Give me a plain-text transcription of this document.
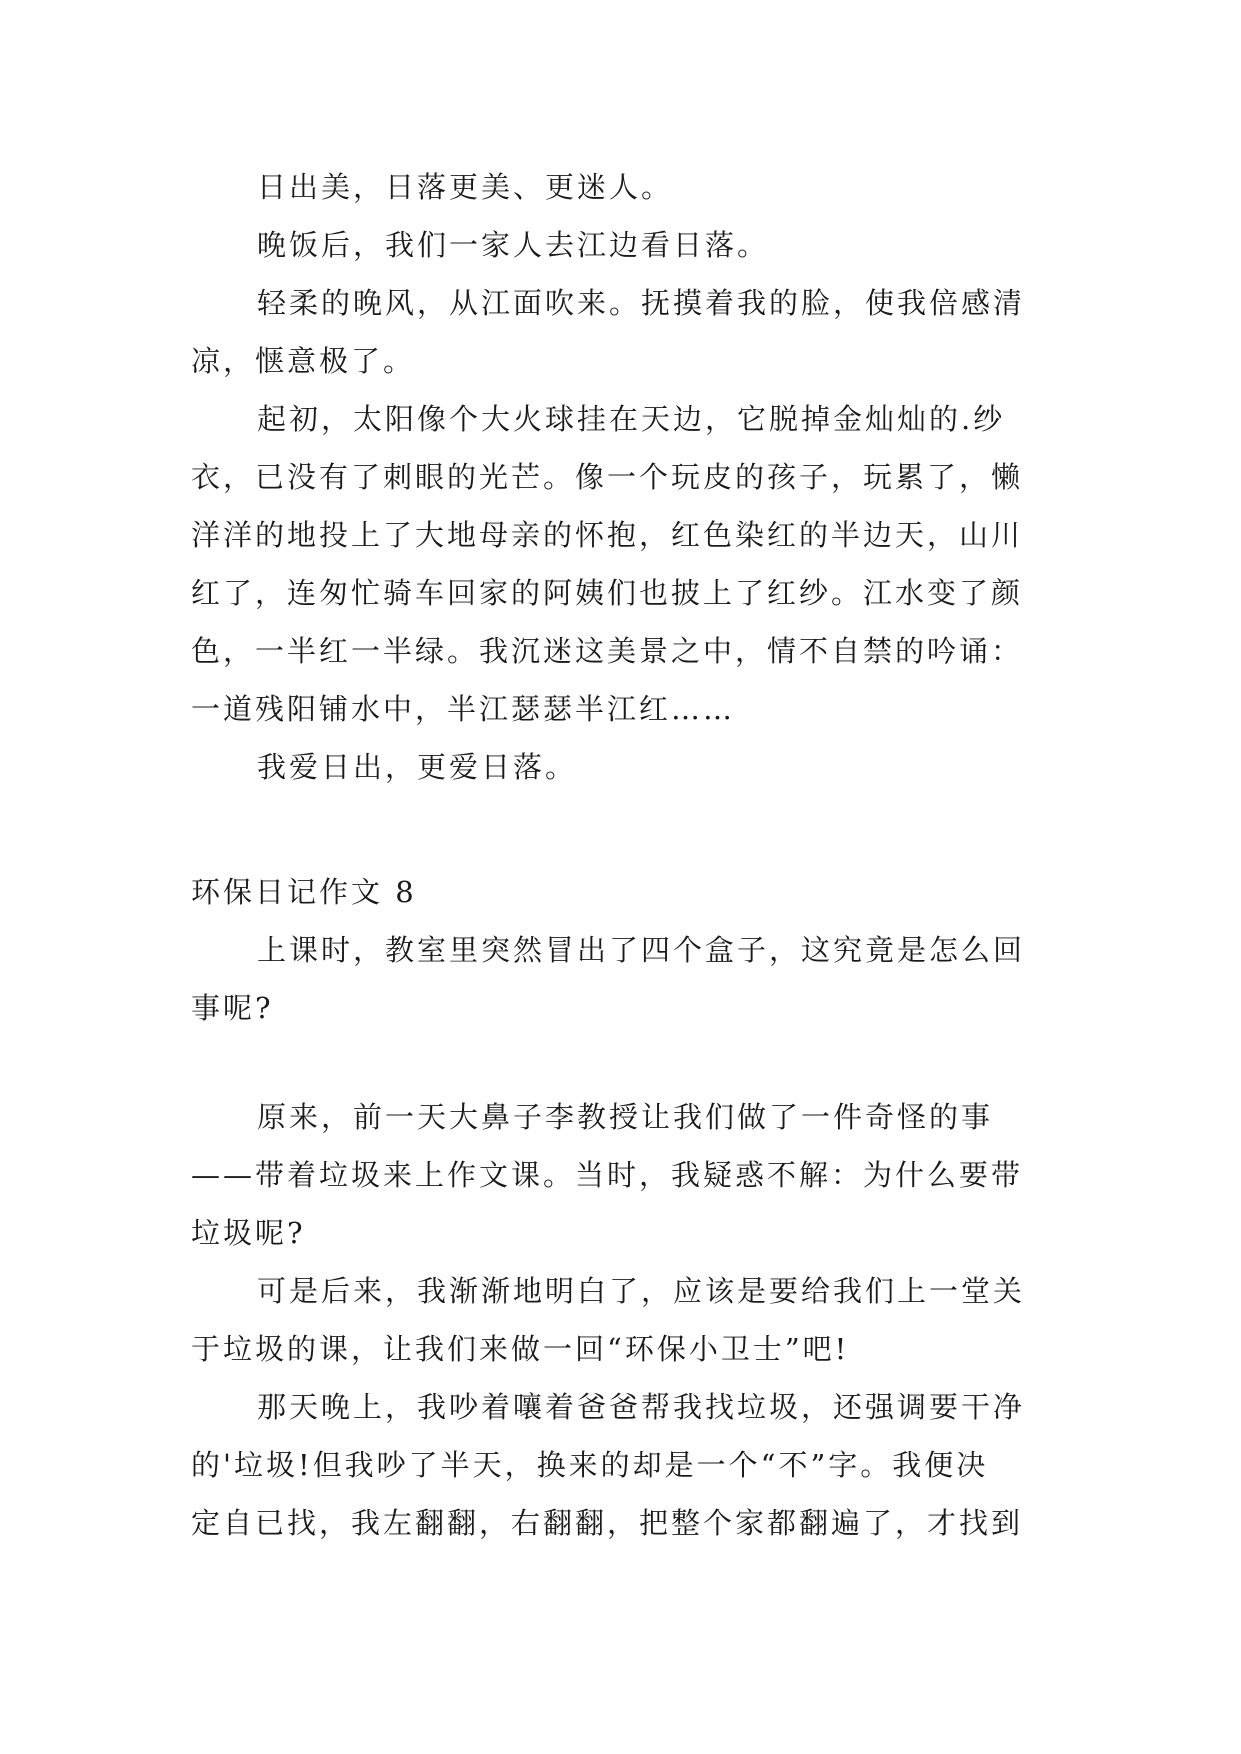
日出美，日落更美、更迷人。
晚饭后，我们一家人去江边看日落。
轻柔的晚风，从江面吹来。抚摸着我的脸，使我倍感清
凉，惬意极了。
起初，太阳像个大火球挂在天边，它脱掉金灿灿的.纱
衣，已没有了刺眼的光芒。像一个玩皮的孩子，玩累了，懒
洋洋的地投上了大地母亲的怀抱，红色染红的半边天，山川
红了，连匆忙骑车回家的阿姨们也披上了红纱。江水变了颜
色，一半红一半绿。我沉迷这美景之中，情不自禁的吟诵：
一道残阳铺水中，半江瑟瑟半江红……
我爱日出，更爱日落。
环保日记作文 8
上课时，教室里突然冒出了四个盒子，这究竟是怎么回
事呢?
原来，前一天大鼻子李教授让我们做了一件奇怪的事
——带着垃圾来上作文课。当时，我疑惑不解：为什么要带
垃圾呢?
可是后来，我渐渐地明白了，应该是要给我们上一堂关
于垃圾的课，让我们来做一回“环保小卫士”吧!
那天晚上，我吵着嚷着爸爸帮我找垃圾，还强调要干净
的'垃圾!但我吵了半天，换来的却是一个“不”字。我便决
定自已找，我左翻翻，右翻翻，把整个家都翻遍了，才找到
